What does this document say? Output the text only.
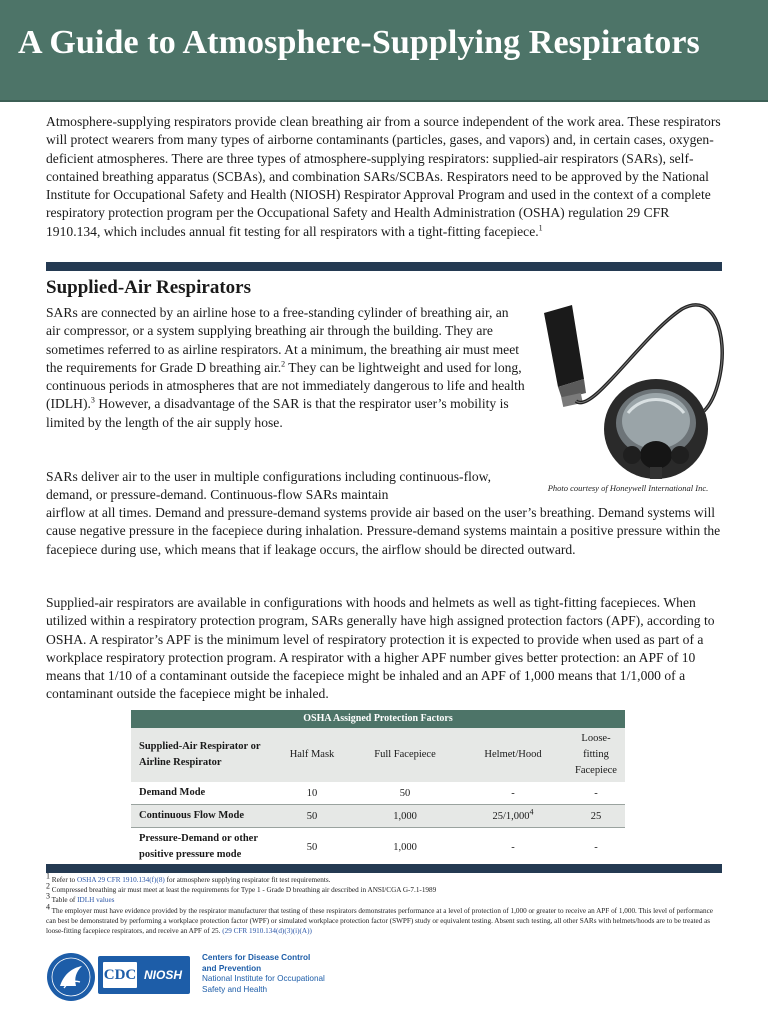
A Guide to Atmosphere-Supplying Respirators

Atmosphere-supplying respirators provide clean breathing air from a source independent of the work area. These respirators will protect wearers from many types of airborne contaminants (particles, gases, and vapors) and, in certain cases, oxygen-deficient atmospheres. There are three types of atmosphere-supplying respirators: supplied-air respirators (SARs), self-contained breathing apparatus (SCBAs), and combination SARs/SCBAs. Respirators need to be approved by the National Institute for Occupational Safety and Health (NIOSH) Respirator Approval Program and used in the context of a complete respiratory protection program per the Occupational Safety and Health Administration (OSHA) regulation 29 CFR 1910.134, which includes annual fit testing for all respirators with a tight-fitting facepiece.$^1$

Supplied-Air Respirators

SARs are connected by an airline hose to a free-standing cylinder of breathing air, an air compressor, or a system supplying breathing air through the building. They are sometimes referred to as airline respirators. At a minimum, the breathing air must meet the requirements for Grade D breathing air.$^2$ They can be lightweight and used for long, continuous periods in atmospheres that are not immediately dangerous to life and health (IDLH).$^3$ However, a disadvantage of the SAR is that the respirator user’s mobility is limited by the length of the air supply hose.

SARs deliver air to the user in multiple configurations including continuous-flow, demand, or pressure-demand. Continuous-flow SARs maintain

airflow at all times. Demand and pressure-demand systems provide air based on the user’s breathing. Demand systems will cause negative pressure in the facepiece during inhalation. Pressure-demand systems maintain a positive pressure within the facepiece during use, which means that if leakage occurs, the airflow should be directed outward.

Supplied-air respirators are available in configurations with hoods and helmets as well as tight-fitting facepieces. When utilized within a respiratory protection program, SARs generally have high assigned protection factors (APF), according to OSHA. A respirator’s APF is the minimum level of respiratory protection it is expected to provide when used as part of a workplace respiratory protection program. A respirator with a higher APF number gives better protection: an APF of 10 means that 1/10 of a contaminant outside the facepiece might be inhaled and an APF of 1,000 means that 1/1,000 of a contaminant outside the facepiece might be inhaled.

Photo courtesy of Honeywell International Inc.
OSHA Assigned Protection Factors
Supplied-Air Respirator or Airline Respirator	Half Mask	Full Facepiece	Helmet/Hood	Loose-fitting Facepiece
Demand Mode	10	50	-	-
Continuous Flow Mode	50	1,000	25/1,000$^4$	25
Pressure-Demand or other positive pressure mode	50	1,000	-	-

$^1$ Refer to OSHA 29 CFR 1910.134(f)(8) for atmosphere supplying respirator fit test requirements.

$^2$ Compressed breathing air must meet at least the requirements for Type 1 - Grade D breathing air described in ANSI/CGA G-7.1-1989

$^3$ Table of IDLH values

$^4$ The employer must have evidence provided by the respirator manufacturer that testing of these respirators demonstrates performance at a level of protection of 1,000 or greater to receive an APF of 1,000. This level of performance can best be demonstrated by performing a workplace protection factor (WPF) or simulated workplace protection factor (SWPF) study or equivalent testing. Absent such testing, all other SARs with helmets/hoods are to be treated as loose-fitting facepiece respirators, and receive an APF of 25. (29 CFR 1910.134(d)(3)(i)(A))

CDC NIOSH
Centers for Disease Control
and Prevention
National Institute for Occupational
Safety and Health
